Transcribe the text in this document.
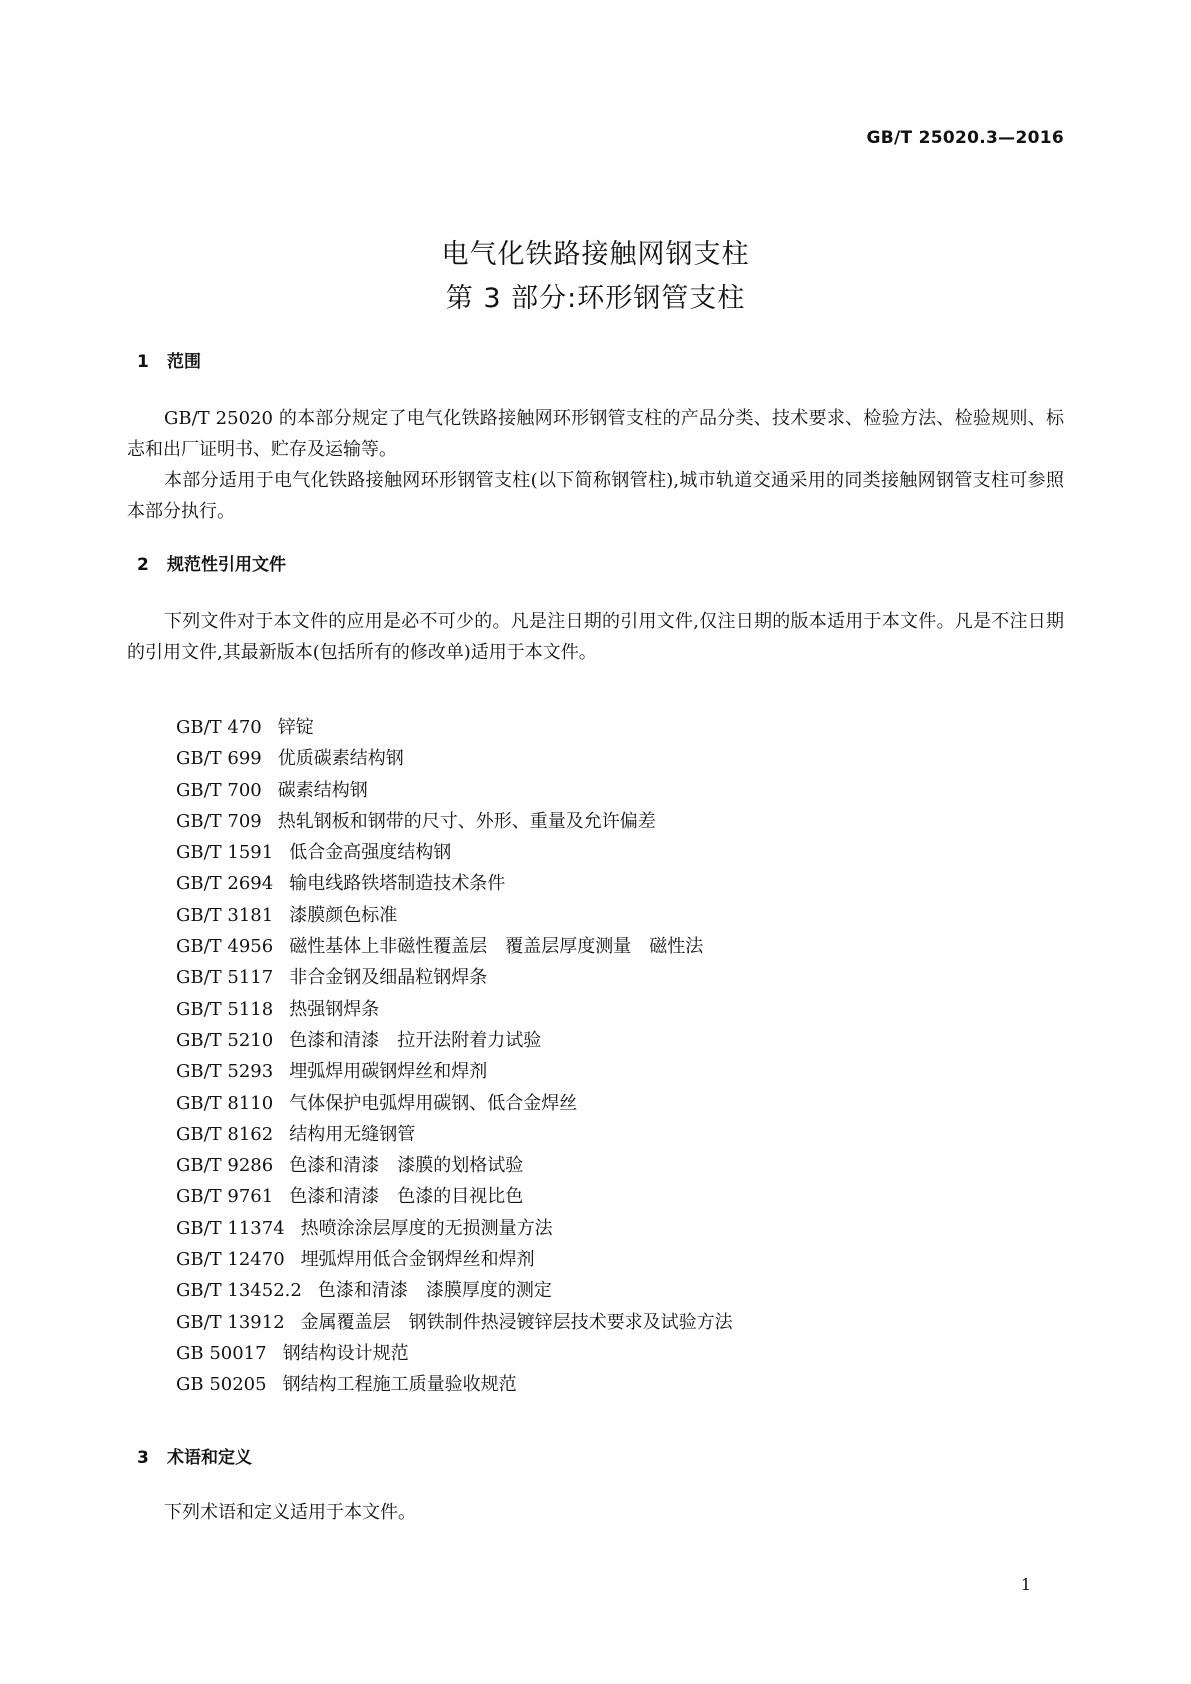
GB/T 25020.3—2016
电气化铁路接触网钢支柱
第 3 部分:环形钢管支柱
1 范围

GB/T 25020 的本部分规定了电气化铁路接触网环形钢管支柱的产品分类、技术要求、检验方法、检验规则、标志和出厂证明书、贮存及运输等。

本部分适用于电气化铁路接触网环形钢管支柱(以下简称钢管柱),城市轨道交通采用的同类接触网钢管支柱可参照本部分执行。

2 规范性引用文件

下列文件对于本文件的应用是必不可少的。凡是注日期的引用文件,仅注日期的版本适用于本文件。凡是不注日期的引用文件,其最新版本(包括所有的修改单)适用于本文件。

GB/T 470 锌锭
GB/T 699 优质碳素结构钢
GB/T 700 碳素结构钢
GB/T 709 热轧钢板和钢带的尺寸、外形、重量及允许偏差
GB/T 1591 低合金高强度结构钢
GB/T 2694 输电线路铁塔制造技术条件
GB/T 3181 漆膜颜色标准
GB/T 4956 磁性基体上非磁性覆盖层　覆盖层厚度测量　磁性法
GB/T 5117 非合金钢及细晶粒钢焊条
GB/T 5118 热强钢焊条
GB/T 5210 色漆和清漆　拉开法附着力试验
GB/T 5293 埋弧焊用碳钢焊丝和焊剂
GB/T 8110 气体保护电弧焊用碳钢、低合金焊丝
GB/T 8162 结构用无缝钢管
GB/T 9286 色漆和清漆　漆膜的划格试验
GB/T 9761 色漆和清漆　色漆的目视比色
GB/T 11374 热喷涂涂层厚度的无损测量方法
GB/T 12470 埋弧焊用低合金钢焊丝和焊剂
GB/T 13452.2 色漆和清漆　漆膜厚度的测定
GB/T 13912 金属覆盖层　钢铁制件热浸镀锌层技术要求及试验方法
GB 50017 钢结构设计规范
GB 50205 钢结构工程施工质量验收规范
3 术语和定义

下列术语和定义适用于本文件。

1
